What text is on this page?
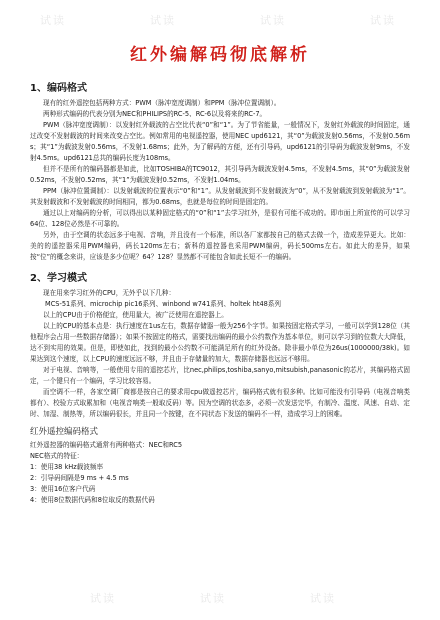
试读	试读	试读	试读
试读	试读	试读
红外编解码彻底解析
1、编码格式
现有的红外遥控包括两种方式：PWM（脉冲宽度调制）和PPM（脉冲位置调制）。
两种形式编码的代表分别为NEC和PHILIPS的RC-5、RC-6以及将来的RC-7。
PWM（脉冲宽度调制）：以发射红外载波的占空比代表“0”和“1”。为了节省能量，一般情况下，发射红外载波的时间固定，通过改变不发射载波的时间来改变占空比。例如常用的电视遥控器，使用NEC upd6121，其“0”为载波发射0.56ms，不发射0.56ms；其“1”为载波发射0.56ms，不发射1.68ms；此外，为了解码的方便，还有引导码，upd6121的引导码为载波发射9ms，不发射4.5ms。upd6121总共的编码长度为108ms。
但并不是所有的编码器都是如此，比如TOSHIBA的TC9012，其引导码为载波发射4.5ms，不发射4.5ms，其“0”为载波发射0.52ms，不发射0.52ms，其“1”为载波发射0.52ms，不发射1.04ms。
PPM（脉冲位置调制）：以发射载波的位置表示“0”和“1”。从发射载波到不发射载波为“0”，从不发射载波到发射载波为“1”。其发射载波和不发射载波的时间相同，都为0.68ms，也就是每位的时间是固定的。
通过以上对编码的分析，可以得出以某种固定格式的“0”和“1”去学习红外，是很有可能不成功的。即市面上所宣传的可以学习64位、128位必然是不可靠的。
另外，由于空调的状态远多于电视、音响，并且没有一个标准，所以各厂家都按自己的格式去做一个，造成差异更大。比如：美的的遥控器采用PWM编码，码长120ms左右；新科的遥控器也采用PWM编码，码长500ms左右。如此大的差异，如果按“位”的概念来讲，应该是多少位呢？64？128？显然都不可能包含如此长短不一的编码。
2、学习模式
现在用来学习红外的CPU，无外乎以下几种：
MCS-51系列、microchip pic16系列、winbond w741系列、holtek ht48系列
以上的CPU由于价格便宜，使用量大，被广泛使用在遥控器上。
以上的CPU的基本点是：执行速度在1us左右，数据存储器一般为256个字节。如果按固定格式学习，一般可以学到128位（其他程序会占用一些数据存储器）；如果不按固定的格式，需要找出编码的最小公约数作为基本单位，则可以学习到的位数大大降低，达不到实用的效果。但是，即使如此，找到的最小公约数不可能满足所有的红外设备。除非最小单位为26us(1000000/38k)。如果达到这个速度，以上CPU的速度远远不够，并且由于存储量的加大，数据存储器也远远不够用。
对于电视、音响等，一般使用专用的遥控芯片，比nec,philips,toshiba,sanyo,mitsubish,panasonic的芯片，其编码格式固定，一个键只有一个编码，学习比较容易。
而空调不一样，各家空调厂商都是按自己的要求用cpu做遥控芯片，编码格式就有很多种。比如可能没有引导码（电视音响类都有）、校验方式取累加和（电视音响类一般取反码）等。因为空调的状态多，必须一次发送完毕，有制冷、温度、风速、自动、定时、加湿、制热等，所以编码很长，并且同一个按键，在不同状态下发送的编码不一样，造成学习上的困难。
红外遥控编码格式
红外遥控器的编码格式通常有两种格式：NEC和RC5
NEC格式的特征：
1：使用38 kHz载波频率
2：引导码间隔是9 ms + 4.5 ms
3：使用16位客户代码
4：使用8位数据代码和8位取反的数据代码
